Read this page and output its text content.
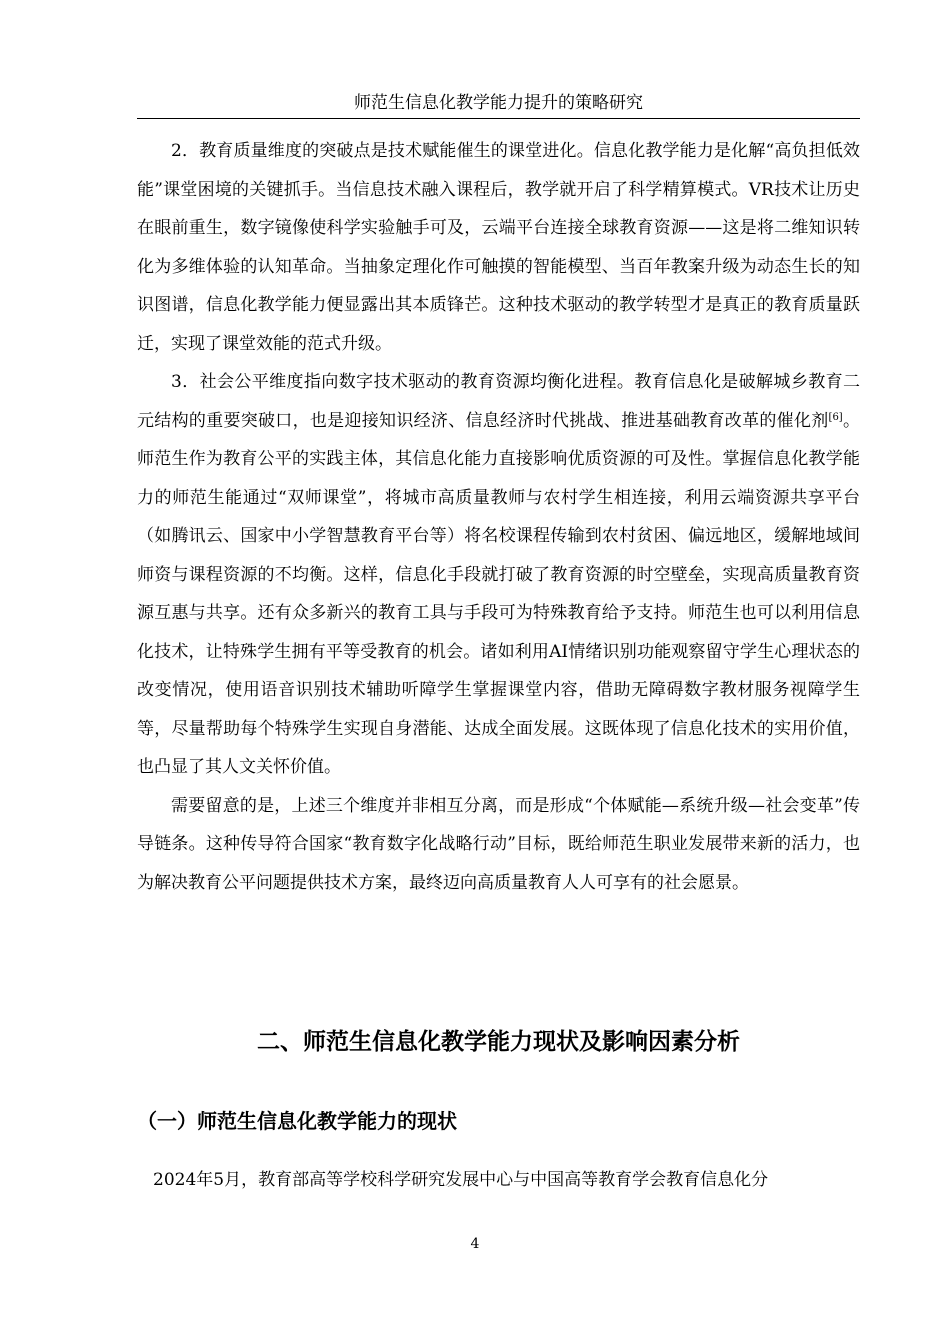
师范生信息化教学能力提升的策略研究

2．教育质量维度的突破点是技术赋能催生的课堂进化。信息化教学能力是化解“高负担低效能”课堂困境的关键抓手。当信息技术融入课程后，教学就开启了科学精算模式。VR技术让历史在眼前重生，数字镜像使科学实验触手可及，云端平台连接全球教育资源——这是将二维知识转化为多维体验的认知革命。当抽象定理化作可触摸的智能模型、当百年教案升级为动态生长的知识图谱，信息化教学能力便显露出其本质锋芒。这种技术驱动的教学转型才是真正的教育质量跃迁，实现了课堂效能的范式升级。

3．社会公平维度指向数字技术驱动的教育资源均衡化进程。教育信息化是破解城乡教育二元结构的重要突破口，也是迎接知识经济、信息经济时代挑战、推进基础教育改革的催化剂[6]。师范生作为教育公平的实践主体，其信息化能力直接影响优质资源的可及性。掌握信息化教学能力的师范生能通过“双师课堂”，将城市高质量教师与农村学生相连接，利用云端资源共享平台（如腾讯云、国家中小学智慧教育平台等）将名校课程传输到农村贫困、偏远地区，缓解地域间师资与课程资源的不均衡。这样，信息化手段就打破了教育资源的时空壁垒，实现高质量教育资源互惠与共享。还有众多新兴的教育工具与手段可为特殊教育给予支持。师范生也可以利用信息化技术，让特殊学生拥有平等受教育的机会。诸如利用AI情绪识别功能观察留守学生心理状态的改变情况，使用语音识别技术辅助听障学生掌握课堂内容，借助无障碍数字教材服务视障学生等，尽量帮助每个特殊学生实现自身潜能、达成全面发展。这既体现了信息化技术的实用价值，也凸显了其人文关怀价值。

需要留意的是，上述三个维度并非相互分离，而是形成“个体赋能—系统升级—社会变革”传导链条。这种传导符合国家“教育数字化战略行动”目标，既给师范生职业发展带来新的活力，也为解决教育公平问题提供技术方案，最终迈向高质量教育人人可享有的社会愿景。

二、师范生信息化教学能力现状及影响因素分析
（一）师范生信息化教学能力的现状

2024年5月，教育部高等学校科学研究发展中心与中国高等教育学会教育信息化分

4
